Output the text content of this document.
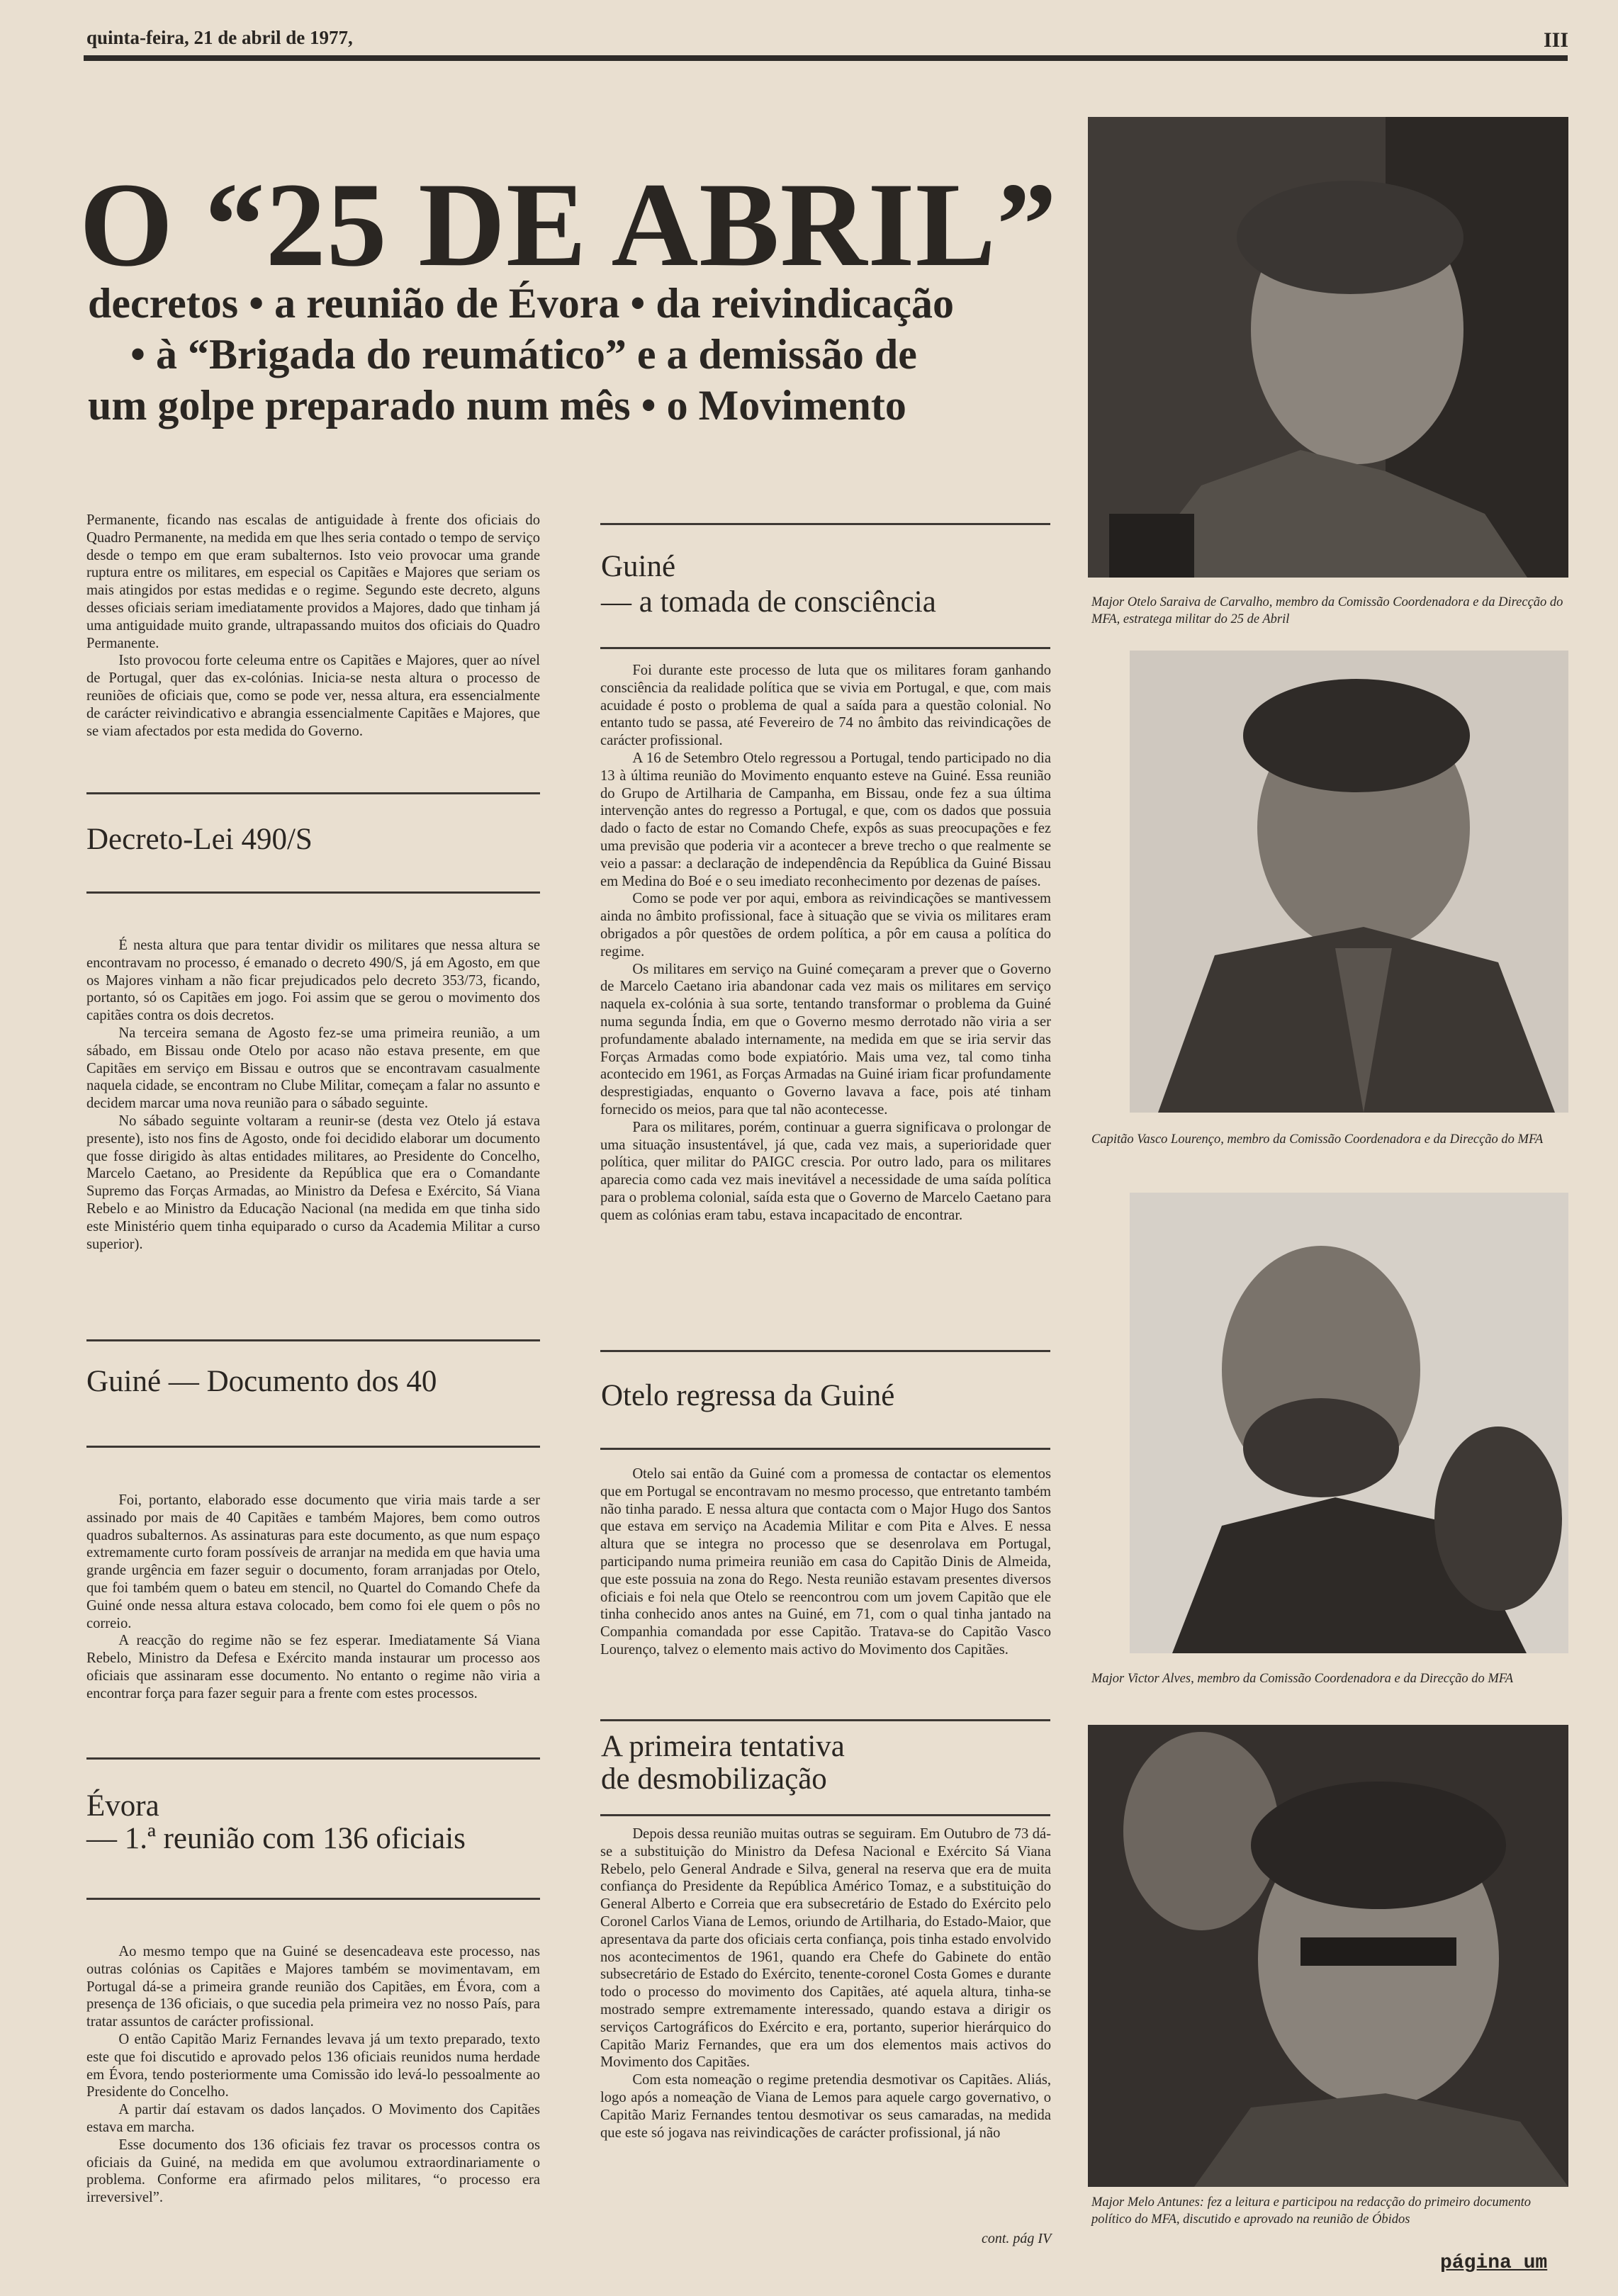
quinta-feira, 21 de abril de 1977,	III
O “25 DE ABRIL”
decretos • a reunião de Évora • da reivindicação
• à “Brigada do reumático” e a demissão de
um golpe preparado num mês • o Movimento

Permanente, ficando nas escalas de antiguidade à frente dos oficiais do Quadro Permanente, na medida em que lhes seria contado o tempo de serviço desde o tempo em que eram subalternos. Isto veio provocar uma grande ruptura entre os militares, em especial os Capitães e Majores que seriam os mais atingidos por estas medidas e o regime. Segundo este decreto, alguns desses oficiais seriam imediatamente providos a Majores, dado que tinham já uma antiguidade muito grande, ultrapassando muitos dos oficiais do Quadro Permanente.

Isto provocou forte celeuma entre os Capitães e Majores, quer ao nível de Portugal, quer das ex-colónias. Inicia-se nesta altura o processo de reuniões de oficiais que, como se pode ver, nessa altura, era essencialmente de carácter reivindicativo e abrangia essencialmente Capitães e Majores, que se viam afectados por esta medida do Governo.

Decreto-Lei 490/S

É nesta altura que para tentar dividir os militares que nessa altura se encontravam no processo, é emanado o decreto 490/S, já em Agosto, em que os Majores vinham a não ficar prejudicados pelo decreto 353/73, ficando, portanto, só os Capitães em jogo. Foi assim que se gerou o movimento dos capitães contra os dois decretos.

Na terceira semana de Agosto fez-se uma primeira reunião, a um sábado, em Bissau onde Otelo por acaso não estava presente, em que Capitães em serviço em Bissau e outros que se encontravam casualmente naquela cidade, se encontram no Clube Militar, começam a falar no assunto e decidem marcar uma nova reunião para o sábado seguinte.

No sábado seguinte voltaram a reunir-se (desta vez Otelo já estava presente), isto nos fins de Agosto, onde foi decidido elaborar um documento que fosse dirigido às altas entidades militares, ao Presidente do Concelho, Marcelo Caetano, ao Presidente da República que era o Comandante Supremo das Forças Armadas, ao Ministro da Defesa e Exército, Sá Viana Rebelo e ao Ministro da Educação Nacional (na medida em que tinha sido este Ministério quem tinha equiparado o curso da Academia Militar a curso superior).

Guiné — Documento dos 40

Foi, portanto, elaborado esse documento que viria mais tarde a ser assinado por mais de 40 Capitães e também Majores, bem como outros quadros subalternos. As assinaturas para este documento, as que num espaço extremamente curto foram possíveis de arranjar na medida em que havia uma grande urgência em fazer seguir o documento, foram arranjadas por Otelo, que foi também quem o bateu em stencil, no Quartel do Comando Chefe da Guiné onde nessa altura estava colocado, bem como foi ele quem o pôs no correio.

A reacção do regime não se fez esperar. Imediatamente Sá Viana Rebelo, Ministro da Defesa e Exército manda instaurar um processo aos oficiais que assinaram esse documento. No entanto o regime não viria a encontrar força para fazer seguir para a frente com estes processos.

Évora
— 1.ª reunião com 136 oficiais

Ao mesmo tempo que na Guiné se desencadeava este processo, nas outras colónias os Capitães e Majores também se movimentavam, em Portugal dá-se a primeira grande reunião dos Capitães, em Évora, com a presença de 136 oficiais, o que sucedia pela primeira vez no nosso País, para tratar assuntos de carácter profissional.

O então Capitão Mariz Fernandes levava já um texto preparado, texto este que foi discutido e aprovado pelos 136 oficiais reunidos numa herdade em Évora, tendo posteriormente uma Comissão ido levá-lo pessoalmente ao Presidente do Concelho.

A partir daí estavam os dados lançados. O Movimento dos Capitães estava em marcha.

Esse documento dos 136 oficiais fez travar os processos contra os oficiais da Guiné, na medida em que avolumou extraordinariamente o problema. Conforme era afirmado pelos militares, “o processo era irreversivel”.

Guiné
— a tomada de consciência

Foi durante este processo de luta que os militares foram ganhando consciência da realidade política que se vivia em Portugal, e que, com mais acuidade é posto o problema de qual a saída para a questão colonial. No entanto tudo se passa, até Fevereiro de 74 no âmbito das reivindicações de carácter profissional.

A 16 de Setembro Otelo regressou a Portugal, tendo participado no dia 13 à última reunião do Movimento enquanto esteve na Guiné. Essa reunião do Grupo de Artilharia de Campanha, em Bissau, onde fez a sua última intervenção antes do regresso a Portugal, e que, com os dados que possuia dado o facto de estar no Comando Chefe, expôs as suas preocupações e fez uma previsão que poderia vir a acontecer a breve trecho o que realmente se veio a passar: a declaração de independência da República da Guiné Bissau em Medina do Boé e o seu imediato reconhecimento por dezenas de países.

Como se pode ver por aqui, embora as reivindicações se mantivessem ainda no âmbito profissional, face à situação que se vivia os militares eram obrigados a pôr questões de ordem política, a pôr em causa a política do regime.

Os militares em serviço na Guiné começaram a prever que o Governo de Marcelo Caetano iria abandonar cada vez mais os militares em serviço naquela ex-colónia à sua sorte, tentando transformar o problema da Guiné numa segunda Índia, em que o Governo mesmo derrotado não viria a ser profundamente abalado internamente, na medida em que se iria servir das Forças Armadas como bode expiatório. Mais uma vez, tal como tinha acontecido em 1961, as Forças Armadas na Guiné iriam ficar profundamente desprestigiadas, enquanto o Governo lavava a face, pois até tinham fornecido os meios, para que tal não acontecesse.

Para os militares, porém, continuar a guerra significava o prolongar de uma situação insustentável, já que, cada vez mais, a superioridade quer política, quer militar do PAIGC crescia. Por outro lado, para os militares aparecia como cada vez mais inevitável a necessidade de uma saída política para o problema colonial, saída esta que o Governo de Marcelo Caetano para quem as colónias eram tabu, estava incapacitado de encontrar.

Otelo regressa da Guiné

Otelo sai então da Guiné com a promessa de contactar os elementos que em Portugal se encontravam no mesmo processo, que entretanto também não tinha parado. E nessa altura que contacta com o Major Hugo dos Santos que estava em serviço na Academia Militar e com Pita e Alves. E nessa altura que se integra no processo que se desenrolava em Portugal, participando numa primeira reunião em casa do Capitão Dinis de Almeida, que este possuia na zona do Rego. Nesta reunião estavam presentes diversos oficiais e foi nela que Otelo se reencontrou com um jovem Capitão que ele tinha conhecido anos antes na Guiné, em 71, com o qual tinha jantado na Companhia comandada por esse Capitão. Tratava-se do Capitão Vasco Lourenço, talvez o elemento mais activo do Movimento dos Capitães.

A primeira tentativa
de desmobilização

Depois dessa reunião muitas outras se seguiram. Em Outubro de 73 dá-se a substituição do Ministro da Defesa Nacional e Exército Sá Viana Rebelo, pelo General Andrade e Silva, general na reserva que era de muita confiança do Presidente da República Américo Tomaz, e a substituição do General Alberto e Correia que era subsecretário de Estado do Exército pelo Coronel Carlos Viana de Lemos, oriundo de Artilharia, do Estado-Maior, que apresentava da parte dos oficiais certa confiança, pois tinha estado envolvido nos acontecimentos de 1961, quando era Chefe do Gabinete do então subsecretário de Estado do Exército, tenente-coronel Costa Gomes e durante todo o processo do movimento dos Capitães, até aquela altura, tinha-se mostrado sempre extremamente interessado, quando estava a dirigir os serviços Cartográficos do Exército e era, portanto, superior hierárquico do Capitão Mariz Fernandes, que era um dos elementos mais activos do Movimento dos Capitães.

Com esta nomeação o regime pretendia desmotivar os Capitães. Aliás, logo após a nomeação de Viana de Lemos para aquele cargo governativo, o Capitão Mariz Fernandes tentou desmotivar os seus camaradas, na medida que este só jogava nas reivindicações de carácter profissional, já não

cont. pág IV
Major Otelo Saraiva de Carvalho, membro da Comissão Coordenadora e da Direcção do MFA, estratega militar do 25 de Abril
Capitão Vasco Lourenço, membro da Comissão Coordenadora e da Direcção do MFA
Major Victor Alves, membro da Comissão Coordenadora e da Direcção do MFA
Major Melo Antunes: fez a leitura e participou na redacção do primeiro documento político do MFA, discutido e aprovado na reunião de Óbidos
página um
